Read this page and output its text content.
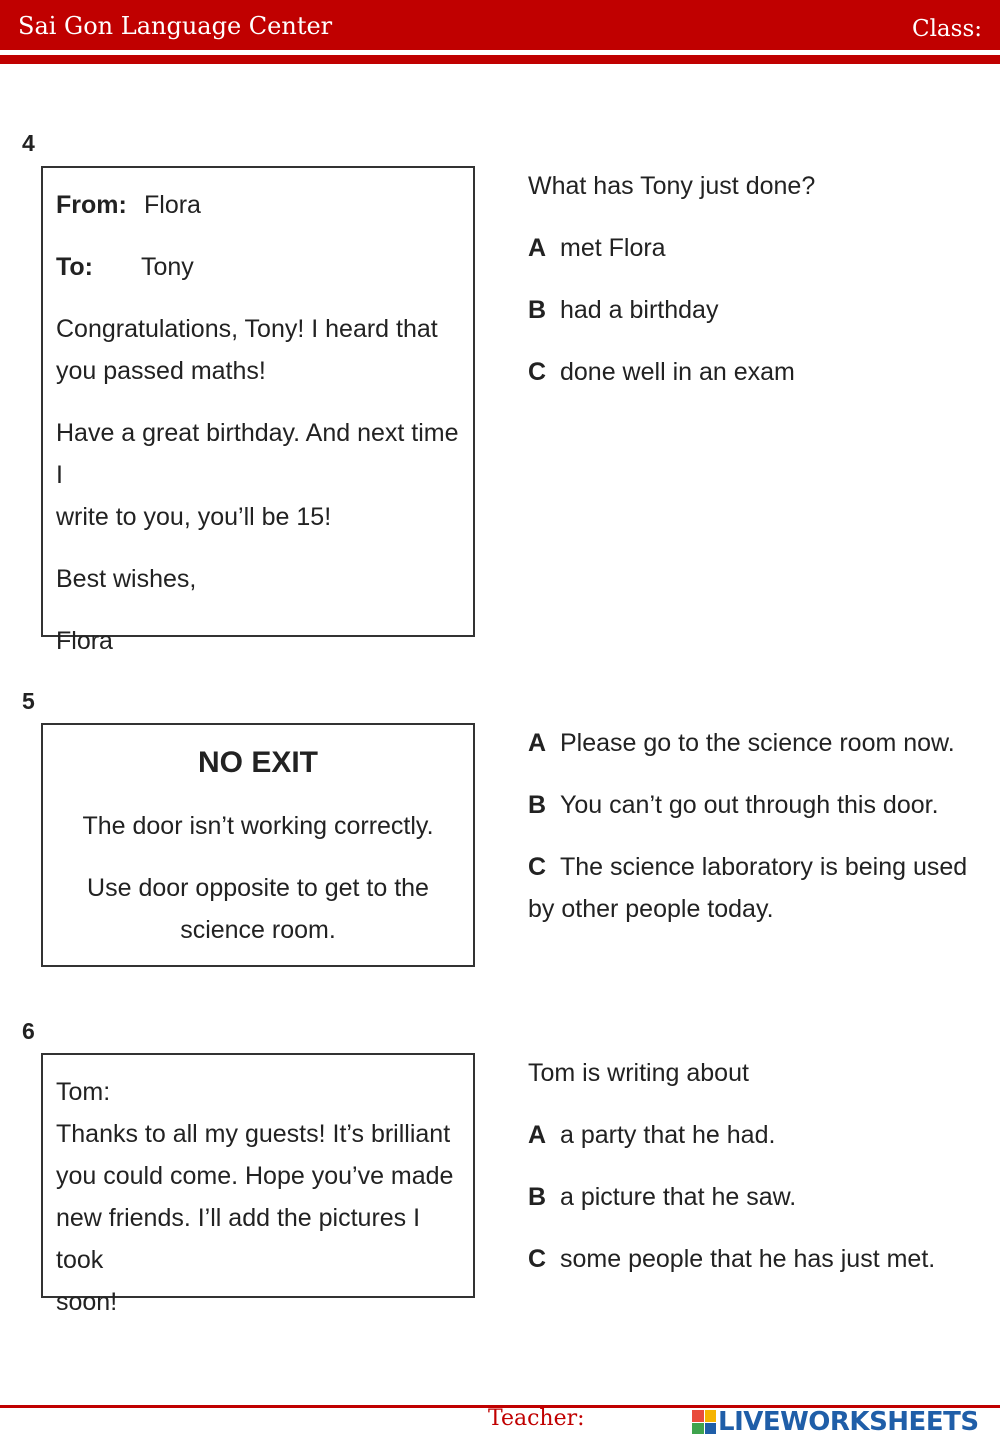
Sai Gon Language Center	Class:
4

From: Flora

To:	Tony

Congratulations, Tony! I heard that

you passed maths!

Have a great birthday. And next time I

write to you, you’ll be 15!

Best wishes,

Flora

What has Tony just done?
A met Flora
B had a birthday
C done well in an exam
5

NO EXIT

The door isn’t working correctly.

Use door opposite to get to the

science room.

A Please go to the science room now.
B You can’t go out through this door.
C The science laboratory is being used by other people today.
6

Tom:

Thanks to all my guests! It’s brilliant

you could come. Hope you’ve made

new friends. I’ll add the pictures I took

soon!

Tom is writing about
A a party that he had.
B a picture that he saw.
C some people that he has just met.
Teacher:	LIVEWORKSHEETS
